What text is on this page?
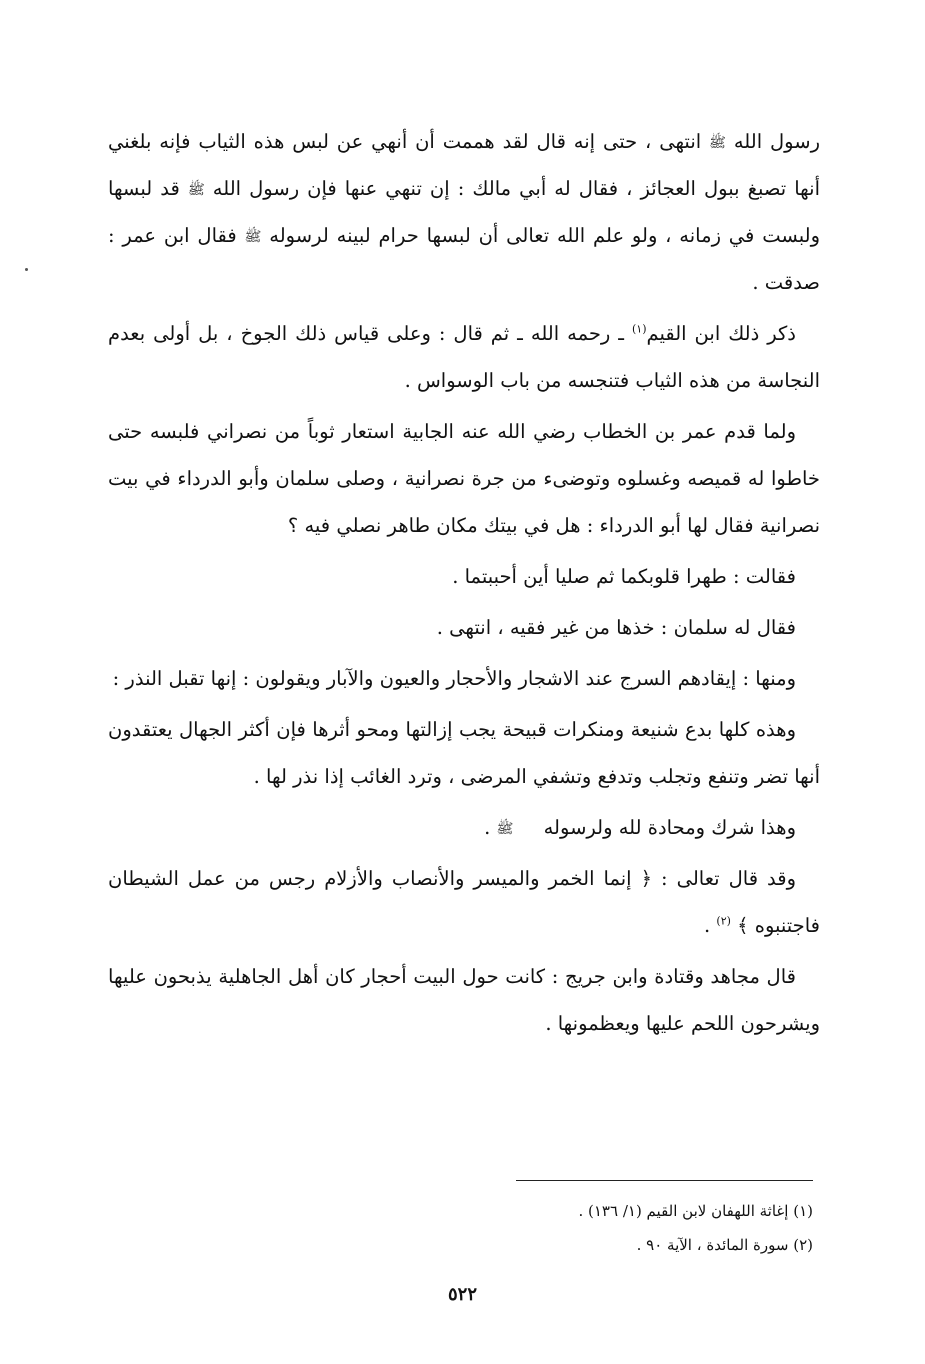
رسول الله ﷺ انتهى ، حتى إنه قال لقد هممت أن أنهي عن لبس هذه الثياب فإنه بلغني أنها تصبغ ببول العجائز ، فقال له أبي مالك : إن تنهي عنها فإن رسول الله ﷺ قد لبسها ولبست في زمانه ، ولو علم الله تعالى أن لبسها حرام لبينه لرسوله ﷺ فقال ابن عمر : صدقت .

ذكر ذلك ابن القيم$^{(١)}$ ـ رحمه الله ـ ثم قال : وعلى قياس ذلك الجوخ ، بل أولى بعدم النجاسة من هذه الثياب فتنجسه من باب الوسواس .

ولما قدم عمر بن الخطاب رضي الله عنه الجابية استعار ثوباً من نصراني فلبسه حتى خاطوا له قميصه وغسلوه وتوضىء من جرة نصرانية ، وصلى سلمان وأبو الدرداء في بيت نصرانية فقال لها أبو الدرداء : هل في بيتك مكان طاهر نصلي فيه ؟

فقالت : طهرا قلوبكما ثم صليا أين أحببتما .

فقال له سلمان : خذها من غير فقيه ، انتهى .

ومنها : إيقادهم السرج عند الاشجار والأحجار والعيون والآبار ويقولون : إنها تقبل النذر :

وهذه كلها بدع شنيعة ومنكرات قبيحة يجب إزالتها ومحو أثرها فإن أكثر الجهال يعتقدون أنها تضر وتنفع وتجلب وتدفع وتشفي المرضى ، وترد الغائب إذا نذر لها .

وهذا شرك ومحادة لله ولرسوله ﷺ .

وقد قال تعالى : ﴿ إنما الخمر والميسر والأنصاب والأزلام رجس من عمل الشيطان فاجتنبوه ﴾ $^{(٢)}$ .

قال مجاهد وقتادة وابن جريج : كانت حول البيت أحجار كان أهل الجاهلية يذبحون عليها ويشرحون اللحم عليها ويعظمونها .

(١) إغاثة اللهفان لابن القيم (١/ ١٣٦) .
(٢) سورة المائدة ، الآية ٩٠ .
٥٢٢
